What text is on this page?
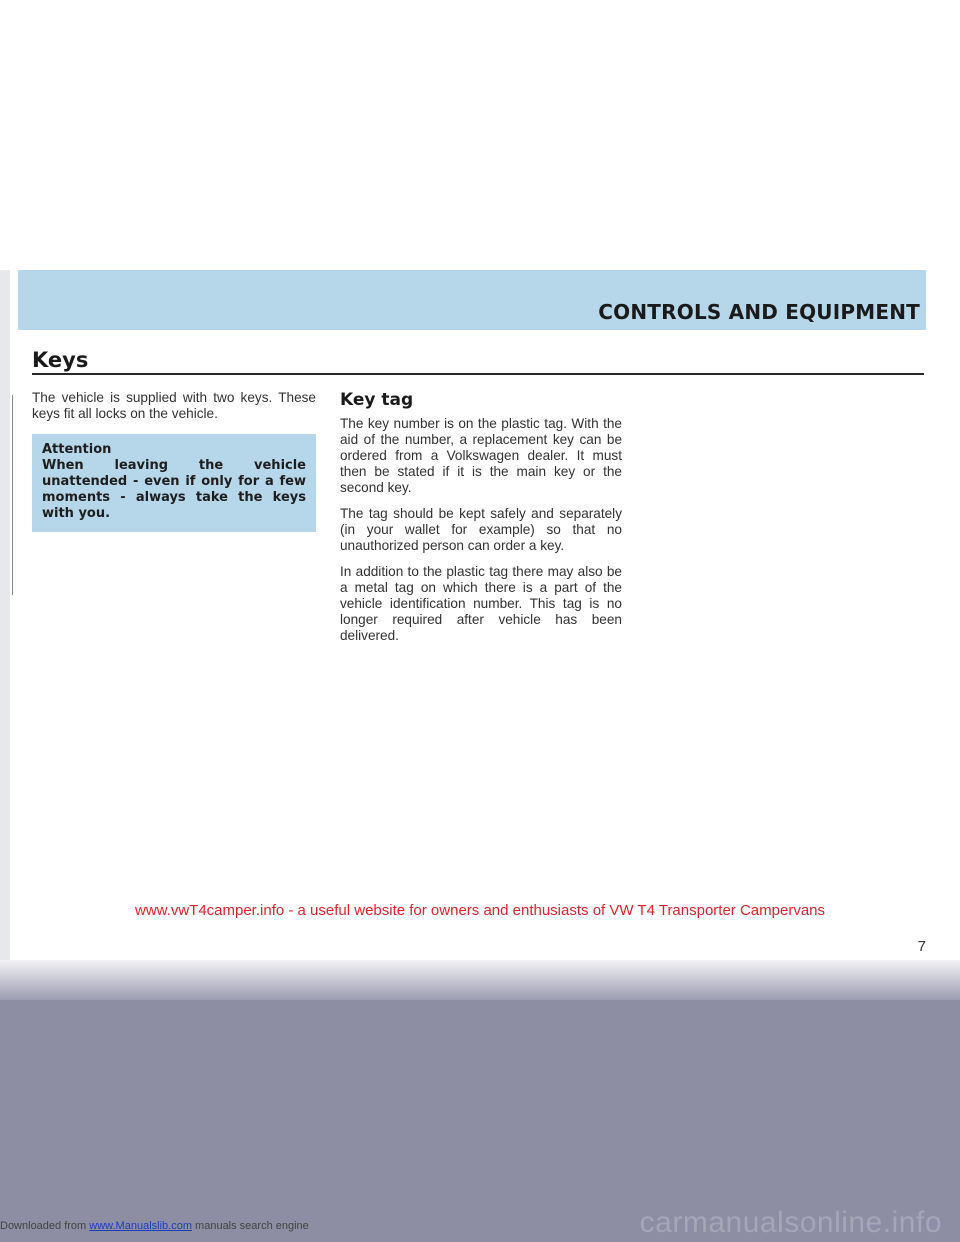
CONTROLS AND EQUIPMENT
Keys

The vehicle is supplied with two keys. These keys fit all locks on the vehicle.

Attention
When leaving the vehicle unattended - even if only for a few moments - always take the keys with you.
Key tag

The key number is on the plastic tag. With the aid of the number, a replacement key can be ordered from a Volkswagen dealer. It must then be stated if it is the main key or the second key.

The tag should be kept safely and separately (in your wallet for example) so that no unauthorized person can order a key.

In addition to the plastic tag there may also be a metal tag on which there is a part of the vehicle identification number. This tag is no longer required after vehicle has been delivered.

www.vwT4camper.info - a useful website for owners and enthusiasts of VW T4 Transporter Campervans
7
carmanualsonline.info
Downloaded from www.Manualslib.com manuals search engine
